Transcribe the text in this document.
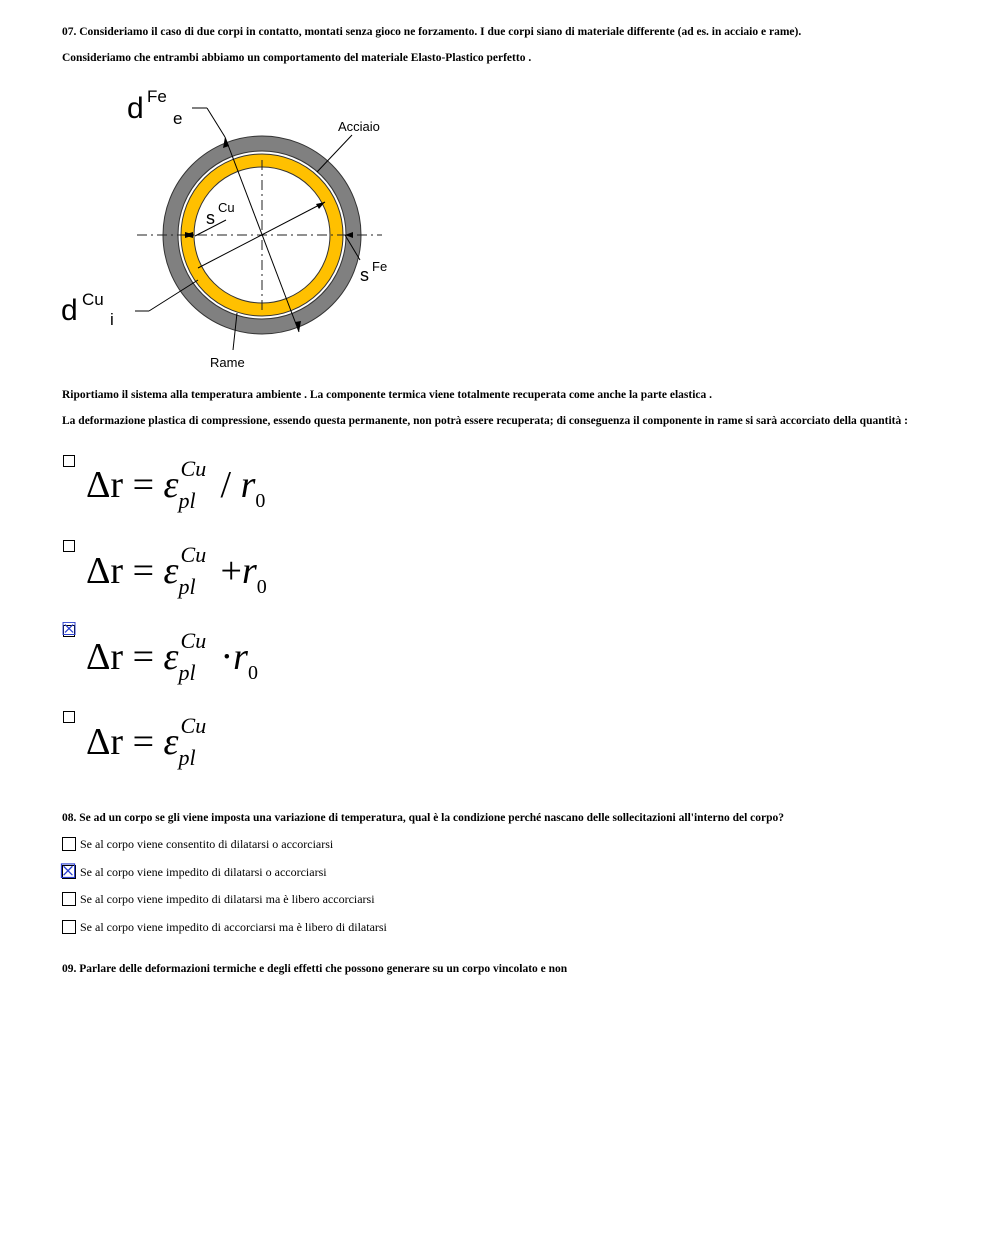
07. Consideriamo il caso di due corpi in contatto, montati senza gioco ne forzamento. I due corpi siano di materiale differente (ad es. in acciaio e rame).
Consideriamo che entrambi abbiamo un comportamento del materiale Elasto-Plastico perfetto .
d Fe
e	Acciaio
s
Cu
s Fe
d Cu
i
Rame
Riportiamo il sistema alla temperatura ambiente . La componente termica viene totalmente recuperata come anche la parte elastica .
La deformazione plastica di compressione, essendo questa permanente, non potrà essere recuperata; di conseguenza il componente in rame si sarà accorciato della quantità :
Δr = ε Cu
pl / $r_0$
Δr = ε Cu
pl $+r_0$
☒
Δr = ε Cu
pl $\cdot r_0$
Δr = ε Cu
pl
08. Se ad un corpo se gli viene imposta una variazione di temperatura, qual è la condizione perché nascano delle sollecitazioni all'interno del corpo?
Se al corpo viene consentito di dilatarsi o accorciarsi
☒ Se al corpo viene impedito di dilatarsi o accorciarsi
Se al corpo viene impedito di dilatarsi ma è libero accorciarsi
Se al corpo viene impedito di accorciarsi ma è libero di dilatarsi
09. Parlare delle deformazioni termiche e degli effetti che possono generare su un corpo vincolato e non
